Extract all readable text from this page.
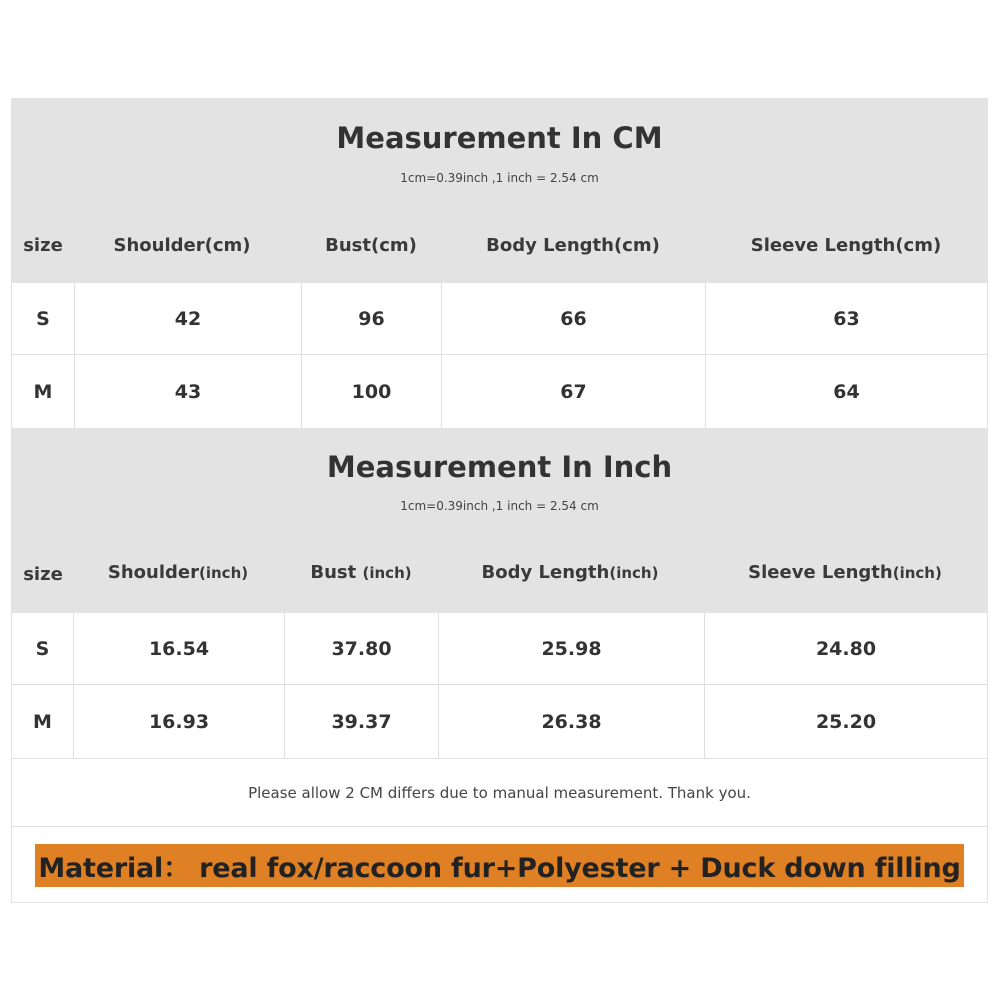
Measurement In CM
1cm=0.39inch ,1 inch = 2.54 cm
size	Shoulder(cm)	Bust(cm)	Body Length(cm)	Sleeve Length(cm)
S	42	96	66	63
M	43	100	67	64
Measurement In Inch
1cm=0.39inch ,1 inch = 2.54 cm
size	Shoulder(inch)	Bust (inch)	Body Length(inch)	Sleeve Length(inch)
S	16.54	37.80	25.98	24.80
M	16.93	39.37	26.38	25.20
Please allow 2 CM differs due to manual measurement. Thank you.
Material： real fox/raccoon fur+Polyester + Duck down filling
